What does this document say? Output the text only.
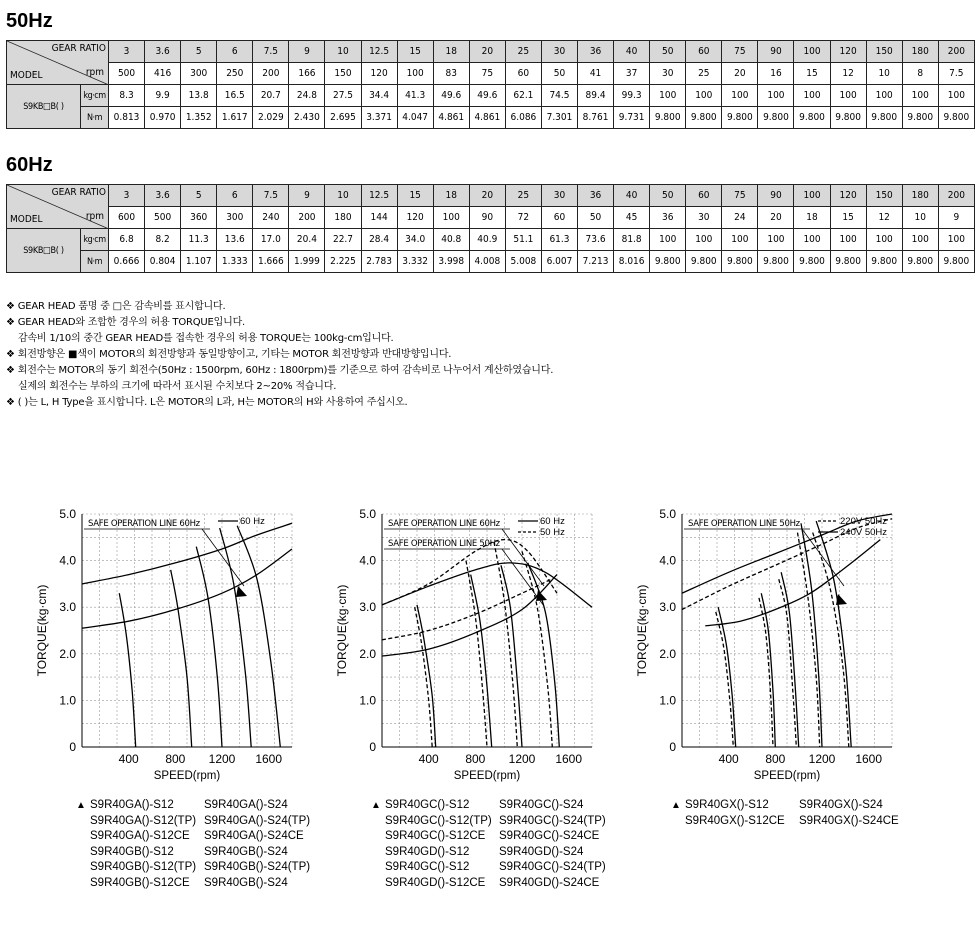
50Hz
GEAR RATIO
MODEL rpm		3	3.6	5	6	7.5	9	10	12.5	15	18	20	25	30	36	40	50	60	75	90	100	120	150	180	200
		500	416	300	250	200	166	150	120	100	83	75	60	50	41	37	30	25	20	16	15	12	10	8	7.5
S9KB□B( )	kg·cm	8.3	9.9	13.8	16.5	20.7	24.8	27.5	34.4	41.3	49.6	49.6	62.1	74.5	89.4	99.3	100	100	100	100	100	100	100	100	100
	N·m	0.813	0.970	1.352	1.617	2.029	2.430	2.695	3.371	4.047	4.861	4.861	6.086	7.301	8.761	9.731	9.800	9.800	9.800	9.800	9.800	9.800	9.800	9.800	9.800
60Hz
GEAR RATIO
MODEL rpm		3	3.6	5	6	7.5	9	10	12.5	15	18	20	25	30	36	40	50	60	75	90	100	120	150	180	200
		600	500	360	300	240	200	180	144	120	100	90	72	60	50	45	36	30	24	20	18	15	12	10	9
S9KB□B( )	kg·cm	6.8	8.2	11.3	13.6	17.0	20.4	22.7	28.4	34.0	40.8	40.9	51.1	61.3	73.6	81.8	100	100	100	100	100	100	100	100	100
	N·m	0.666	0.804	1.107	1.333	1.666	1.999	2.225	2.783	3.332	3.998	4.008	5.008	6.007	7.213	8.016	9.800	9.800	9.800	9.800	9.800	9.800	9.800	9.800	9.800
❖ GEAR HEAD 품명 중 □은 감속비를 표시합니다.
❖ GEAR HEAD와 조합한 경우의 허용 TORQUE입니다.
감속비 1/10의 중간 GEAR HEAD를 접속한 경우의 허용 TORQUE는 100kg-cm입니다.
❖ 회전방향은 ■색이 MOTOR의 회전방향과 동일방향이고, 기타는 MOTOR 회전방향과 반대방향입니다.
❖ 회전수는 MOTOR의 동기 회전수(50Hz : 1500rpm, 60Hz : 1800rpm)를 기준으로 하여 감속비로 나누어서 계산하였습니다.
실제의 회전수는 부하의 크기에 따라서 표시된 수치보다 2~20% 적습니다.
❖ ( )는 L, H Type을 표시합니다. L은 MOTOR의 L과, H는 MOTOR의 H와 사용하여 주십시오.
0
1.0
2.0
3.0
4.0
5.0
400 800 1200 1600
SPEED(rpm)
TORQUE(kg·cm)
SAFE OPERATION LINE 60Hz	60 Hz
0
1.0
2.0
3.0
4.0
5.0
400 800 1200 1600
SPEED(rpm)
TORQUE(kg·cm)
SAFE OPERATION LINE 60Hz
SAFE OPERATION LINE 50Hz
60 Hz
50 Hz
0
1.0
2.0
3.0
4.0
5.0
400 800 1200 1600
SPEED(rpm)
TORQUE(kg·cm)
SAFE OPERATION LINE 50Hz	220V 50Hz
240V 50Hz
▲ S9R40GA()-S12	S9R40GA()-S24
S9R40GA()-S12(TP) S9R40GA()-S24(TP)
S9R40GA()-S12CE S9R40GA()-S24CE
S9R40GB()-S12	S9R40GB()-S24
S9R40GB()-S12(TP) S9R40GB()-S24(TP)
S9R40GB()-S12CE S9R40GB()-S24
▲ S9R40GC()-S12	S9R40GC()-S24
S9R40GC()-S12(TP) S9R40GC()-S24(TP)
S9R40GC()-S12CE S9R40GC()-S24CE
S9R40GD()-S12	S9R40GD()-S24
S9R40GC()-S12	S9R40GC()-S24(TP)
S9R40GD()-S12CE S9R40GD()-S24CE
▲ S9R40GX()-S12	S9R40GX()-S24
S9R40GX()-S12CE S9R40GX()-S24CE
